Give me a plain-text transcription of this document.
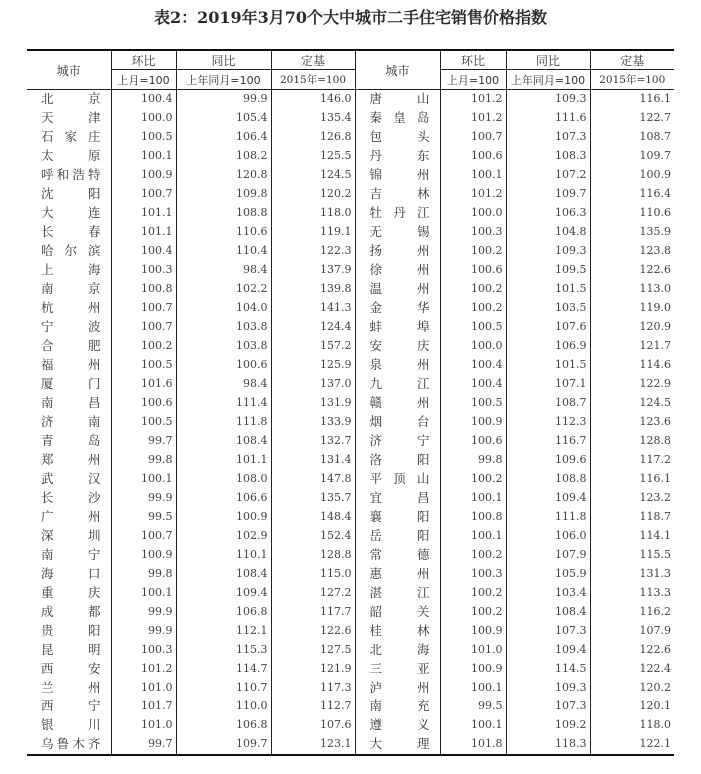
表2：2019年3月70个大中城市二手住宅销售价格指数
城市	环比	同比	定基	城市	环比	同比	定基
	上月=100	上年同月=100	2015年=100		上月=100	上年同月=100	2015年=100
北京	100.4	99.9	146.0	唐山	101.2	109.3	116.1
天津	100.0	105.4	135.4	秦皇岛	101.2	111.6	122.7
石家庄	100.5	106.4	126.8	包头	100.7	107.3	108.7
太原	100.1	108.2	125.5	丹东	100.6	108.3	109.7
呼和浩特	100.9	120.8	124.5	锦州	100.1	107.2	100.9
沈阳	100.7	109.8	120.2	吉林	101.2	109.7	116.4
大连	101.1	108.8	118.0	牡丹江	100.0	106.3	110.6
长春	101.1	110.6	119.1	无锡	100.3	104.8	135.9
哈尔滨	100.4	110.4	122.3	扬州	100.2	109.3	123.8
上海	100.3	98.4	137.9	徐州	100.6	109.5	122.6
南京	100.8	102.2	139.8	温州	100.2	101.5	113.0
杭州	100.7	104.0	141.3	金华	100.2	103.5	119.0
宁波	100.7	103.8	124.4	蚌埠	100.5	107.6	120.9
合肥	100.2	103.8	157.2	安庆	100.0	106.9	121.7
福州	100.5	100.6	125.9	泉州	100.4	101.5	114.6
厦门	101.6	98.4	137.0	九江	100.4	107.1	122.9
南昌	100.6	111.4	131.9	赣州	100.5	108.7	124.5
济南	100.5	111.8	133.9	烟台	100.9	112.3	123.6
青岛	99.7	108.4	132.7	济宁	100.6	116.7	128.8
郑州	99.8	101.1	131.4	洛阳	99.8	109.6	117.2
武汉	100.1	108.0	147.8	平顶山	100.2	108.8	116.1
长沙	99.9	106.6	135.7	宜昌	100.1	109.4	123.2
广州	99.5	100.9	148.4	襄阳	100.8	111.8	118.7
深圳	100.7	102.9	152.4	岳阳	100.1	106.0	114.1
南宁	100.9	110.1	128.8	常德	100.2	107.9	115.5
海口	99.8	108.4	115.0	惠州	100.3	105.9	131.3
重庆	100.1	109.4	127.2	湛江	100.2	103.4	113.3
成都	99.9	106.8	117.7	韶关	100.2	108.4	116.2
贵阳	99.9	112.1	122.6	桂林	100.9	107.3	107.9
昆明	100.3	115.3	127.5	北海	101.0	109.4	122.6
西安	101.2	114.7	121.9	三亚	100.9	114.5	122.4
兰州	101.0	110.7	117.3	泸州	100.1	109.3	120.2
西宁	101.7	110.0	112.7	南充	99.5	107.3	120.1
银川	101.0	106.8	107.6	遵义	100.1	109.2	118.0
乌鲁木齐	99.7	109.7	123.1	大理	101.8	118.3	122.1
